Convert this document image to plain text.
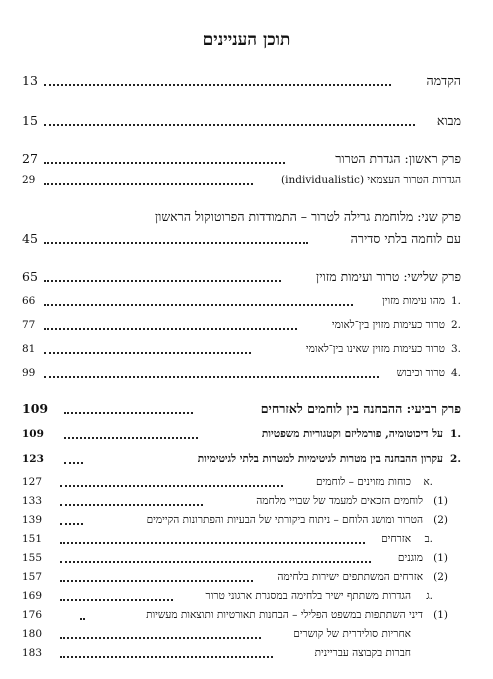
תוכן העניינים
הקדמה
13
מבוא
15
פרק ראשון: הגדרת הטרור
27
הגדרות הטרור העצמאי (individualistic)
29
פרק שני: מלוחמת גרילה לטרור – התמודדות הפרוטוקול הראשון
עם לוחמה בלתי סדירה
45
פרק שלישי: טרור ועימות מזוין
65
1.
מהו עימות מזוין
66
2.
טרור כעימות מזוין בין־לאומי
77
3.
טרור כעימות מזוין שאינו בין־לאומי
81
4.
טרור וכיבוש
99
פרק רביעי: ההבחנה בין לוחמים לאזרחים
109
1.
על דיכוטומיה, פורמליזם וקטגוריות משפטיות
109
2.
עקרון ההבחנה בין מטרות לגיטימיות למטרות בלתי לגיטימיות
123
א.
כוחות מזוינים – לוחמים
127
(1)
לוחמים הזכאים למעמד של שבויי מלחמה
133
(2)
הטרור ומושג הלוחם – ניתוח ביקורתי של הבעיות והפתרונות הקיימים
139
ב.
אזרחים
151
(1)
מוגנים
155
(2)
אזרחים המשתתפים ישירות בלחימה
157
ג.
הגדרות משתתף ישיר בלחימה במסגרת ארגוני טרור
169
(1)
דיני השתתפות במשפט הפלילי – הבחנות תאורטיות ותוצאות מעשיות
176
אחריות סולידרית של קושרים
180
חברות בקבוצה עבריינית
183
